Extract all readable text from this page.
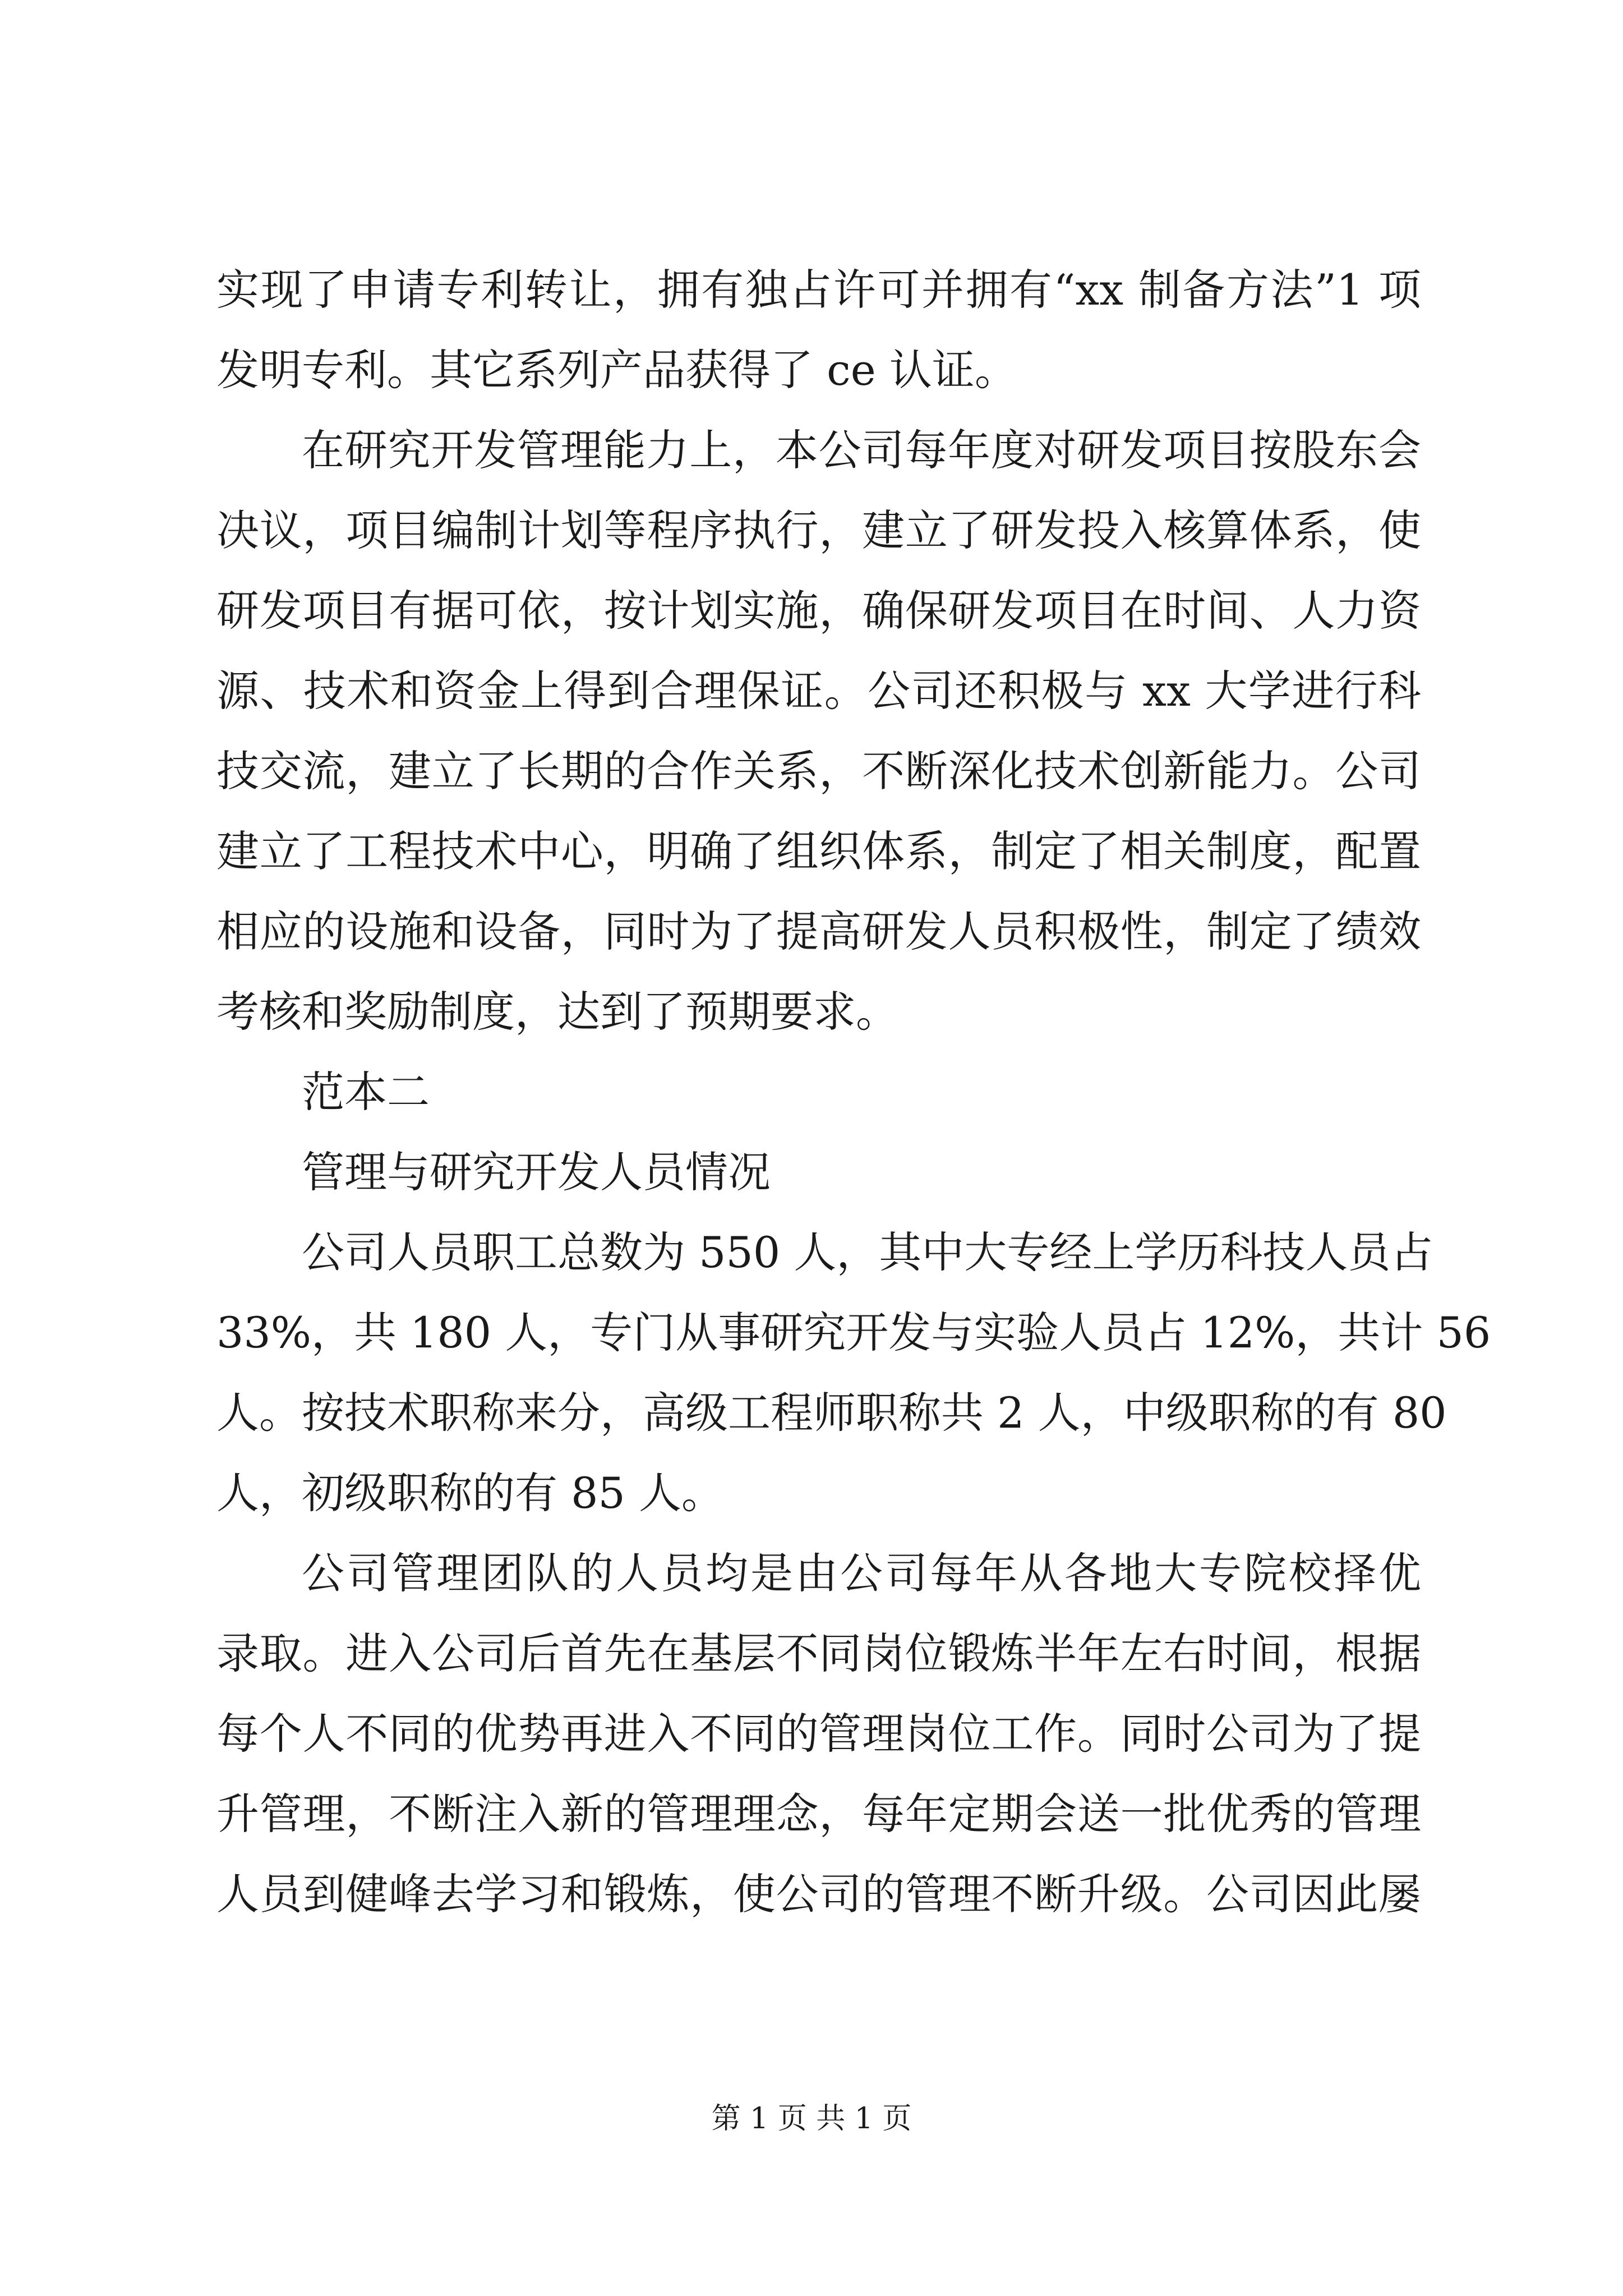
实现了申请专利转让，拥有独占许可并拥有“xx 制备方法”1 项
发明专利。其它系列产品获得了 ce 认证。
在研究开发管理能力上，本公司每年度对研发项目按股东会
决议，项目编制计划等程序执行，建立了研发投入核算体系，使
研发项目有据可依，按计划实施，确保研发项目在时间、人力资
源、技术和资金上得到合理保证。公司还积极与 xx 大学进行科
技交流，建立了长期的合作关系，不断深化技术创新能力。公司
建立了工程技术中心，明确了组织体系，制定了相关制度，配置
相应的设施和设备，同时为了提高研发人员积极性，制定了绩效
考核和奖励制度，达到了预期要求。
范本二
管理与研究开发人员情况
公司人员职工总数为 550 人，其中大专经上学历科技人员占
33%，共 180 人，专门从事研究开发与实验人员占 12%，共计 56
人。按技术职称来分，高级工程师职称共 2 人，中级职称的有 80
人，初级职称的有 85 人。
公司管理团队的人员均是由公司每年从各地大专院校择优
录取。进入公司后首先在基层不同岗位锻炼半年左右时间，根据
每个人不同的优势再进入不同的管理岗位工作。同时公司为了提
升管理，不断注入新的管理理念，每年定期会送一批优秀的管理
人员到健峰去学习和锻炼，使公司的管理不断升级。公司因此屡
第 1 页 共 1 页
